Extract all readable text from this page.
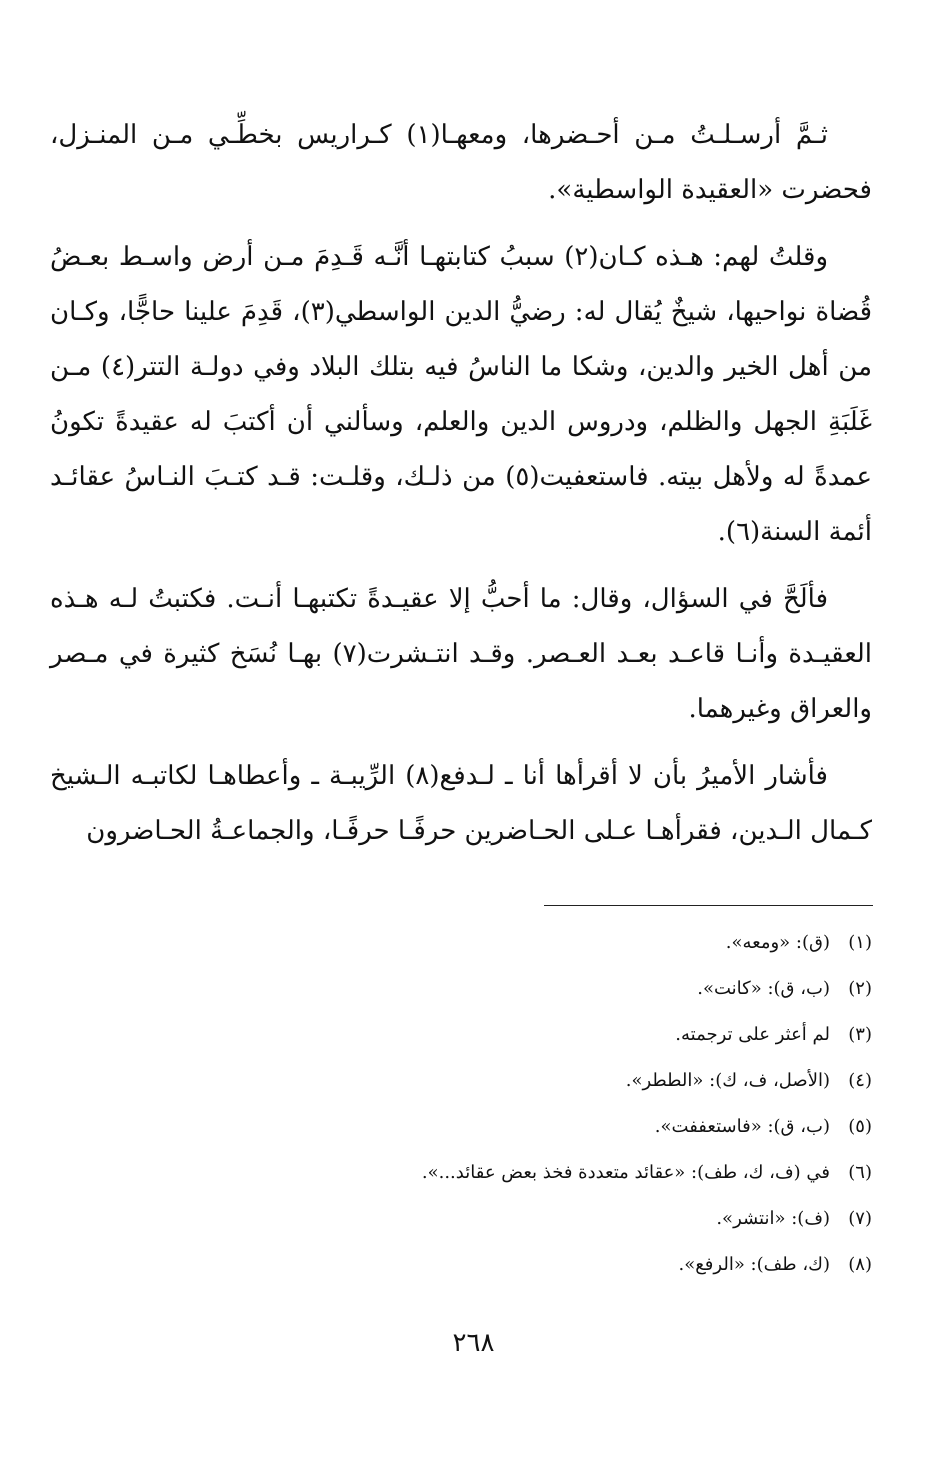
ثـمَّ أرسـلـتُ مـن أحـضرها، ومعهـا(١) كـراريس بخطِّـي مـن المنـزل، فحضرت «العقيدة الواسطية».

وقلتُ لهم: هـذه كـان(٢) سببُ كتابتهـا أنَّـه قَـدِمَ مـن أرض واسـط بعـضُ قُضاة نواحيها، شيخٌ يُقال له: رضيُّ الدين الواسطي(٣)، قَدِمَ علينا حاجًّا، وكـان من أهل الخير والدين، وشكا ما الناسُ فيه بتلك البلاد وفي دولـة التتر(٤) مـن غَلَبَةِ الجهل والظلم، ودروس الدين والعلم، وسألني أن أكتبَ له عقيدةً تكونُ عمدةً له ولأهل بيته. فاستعفيت(٥) من ذلـك، وقلـت: قـد كتـبَ النـاسُ عقائـد أئمة السنة(٦).

فألَحَّ في السؤال، وقال: ما أحبُّ إلا عقيـدةً تكتبهـا أنـت. فكتبتُ لـه هـذه العقيـدة وأنـا قاعـد بعـد العـصر. وقـد انتـشرت(٧) بهـا نُسَخ كثيرة في مـصر والعراق وغيرهما.

فأشار الأميرُ بأن لا أقرأها أنا ـ لـدفع(٨) الرِّيبـة ـ وأعطاهـا لكاتبـه الـشيخ كـمال الـدين، فقرأهـا عـلى الحـاضرين حرفًـا حرفًـا، والجماعـةُ الحـاضرون

(١)(ق): «ومعه».
(٢)(ب، ق): «كانت».
(٣)لم أعثر على ترجمته.
(٤)(الأصل، ف، ك): «الططر».
(٥)(ب، ق): «فاستعففت».
(٦)في (ف، ك، طف): «عقائد متعددة فخذ بعض عقائد...».
(٧)(ف): «انتشر».
(٨)(ك، طف): «الرفع».
٢٦٨
